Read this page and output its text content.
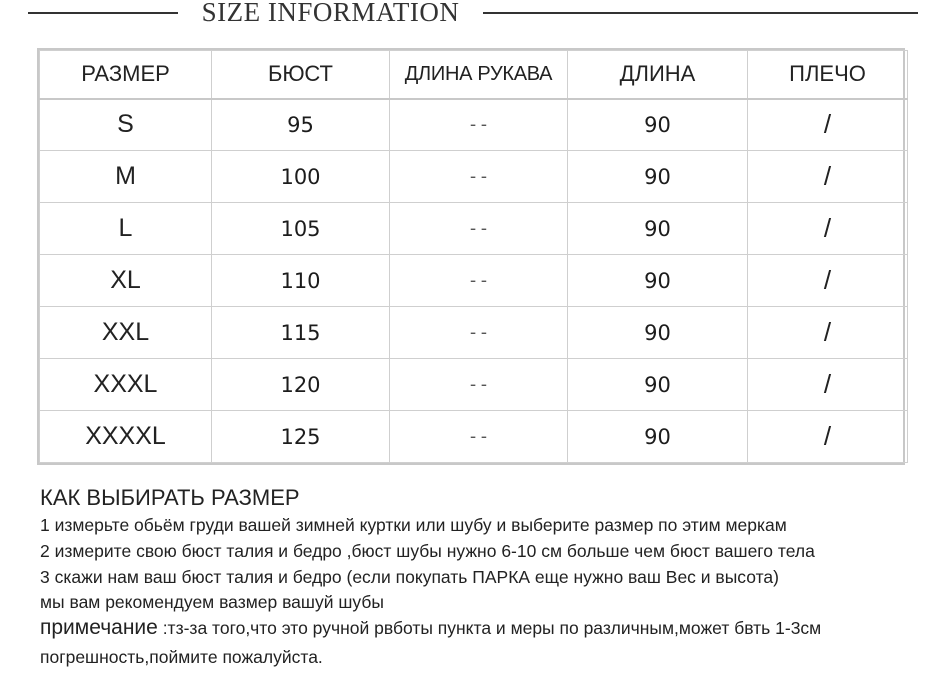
SIZE INFORMATION
РАЗМЕР	БЮСТ	ДЛИНА РУКАВА	ДЛИНА	ПЛЕЧО
S	95	--	90	/
M	100	--	90	/
L	105	--	90	/
XL	110	--	90	/
XXL	115	--	90	/
XXXL	120	--	90	/
XXXXL	125	--	90	/
КАК ВЫБИРАТЬ РАЗМЕР
1 измерьте обьём груди вашей зимней куртки или шубу и выберите размер по этим меркам
2 измерите свою бюст талия и бедро ,бюст шубы нужно 6-10 см больше чем бюст вашего тела
3 скажи нам ваш бюст талия и бедро (если покупать ПАРКА еще нужно ваш Вес и высота)
мы вам рекомендуем вазмер вашуй шубы
примечание :тз-за того,что это ручной рвботы пункта и меры по различным,может бвть 1-3см
погрешность,поймите пожалуйста.
